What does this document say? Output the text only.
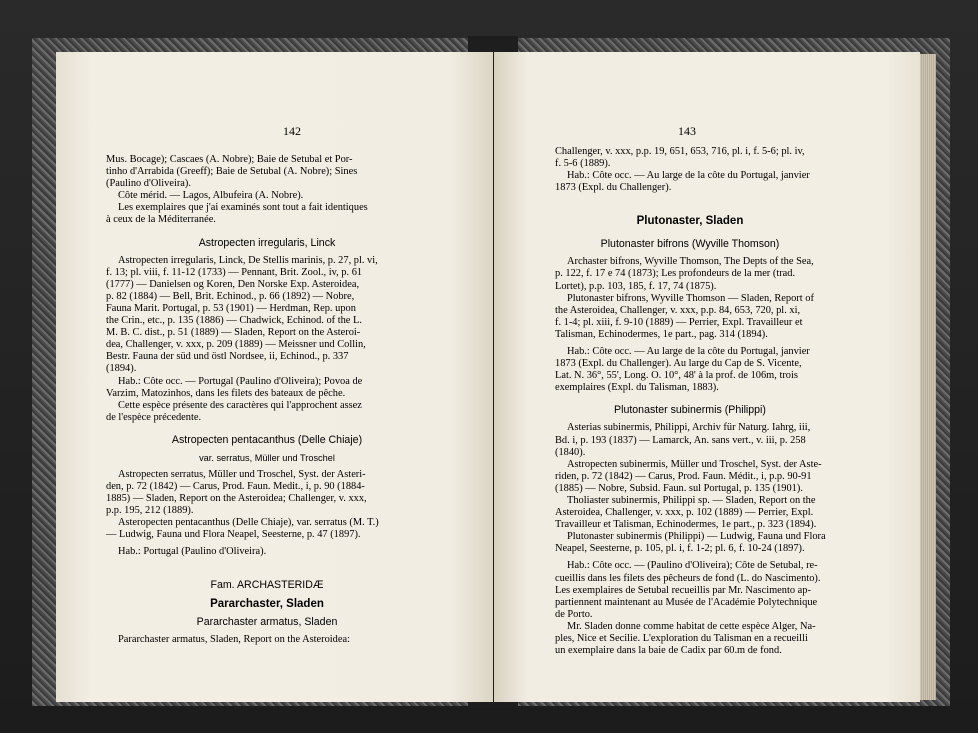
142	143
Mus. Bocage); Cascaes (A. Nobre); Baie de Setubal et Por-
tinho d'Arrabida (Greeff); Baie de Setubal (A. Nobre); Sines
(Paulino d'Oliveira).
Côte mérid. — Lagos, Albufeira (A. Nobre).
Les exemplaires que j'ai examinés sont tout a fait identiques
à ceux de la Méditerranée.
Astropecten irregularis, Linck
Astropecten irregularis, Linck, De Stellis marinis, p. 27, pl. vi,
f. 13; pl. viii, f. 11-12 (1733) — Pennant, Brit. Zool., iv, p. 61
(1777) — Danielsen og Koren, Den Norske Exp. Asteroidea,
p. 82 (1884) — Bell, Brit. Echinod., p. 66 (1892) — Nobre,
Fauna Marit. Portugal, p. 53 (1901) — Herdman, Rep. upon
the Crin., etc., p. 135 (1886) — Chadwick, Echinod. of the L.
M. B. C. dist., p. 51 (1889) — Sladen, Report on the Asteroi-
dea, Challenger, v. xxx, p. 209 (1889) — Meissner und Collin,
Bestr. Fauna der süd und östl Nordsee, ii, Echinod., p. 337
(1894).
Hab.: Côte occ. — Portugal (Paulino d'Oliveira); Povoa de
Varzim, Matozinhos, dans les filets des bateaux de pêche.
Cette espèce présente des caractères qui l'approchent assez
de l'espèce précedente.
Astropecten pentacanthus (Delle Chiaje)
var. serratus, Müller und Troschel
Astropecten serratus, Müller und Troschel, Syst. der Asteri-
den, p. 72 (1842) — Carus, Prod. Faun. Medit., i, p. 90 (1884-
1885) — Sladen, Report on the Asteroidea; Challenger, v. xxx,
p.p. 195, 212 (1889).
Asteropecten pentacanthus (Delle Chiaje), var. serratus (M. T.)
— Ludwig, Fauna und Flora Neapel, Seesterne, p. 47 (1897).
Hab.: Portugal (Paulino d'Oliveira).
Fam. ARCHASTERIDÆ
Pararchaster, Sladen
Pararchaster armatus, Sladen
Pararchaster armatus, Sladen, Report on the Asteroidea:
Challenger, v. xxx, p.p. 19, 651, 653, 716, pl. i, f. 5-6; pl. iv,
f. 5-6 (1889).
Hab.: Côte occ. — Au large de la côte du Portugal, janvier
1873 (Expl. du Challenger).
Plutonaster, Sladen
Plutonaster bifrons (Wyville Thomson)
Archaster bifrons, Wyville Thomson, The Depts of the Sea,
p. 122, f. 17 e 74 (1873); Les profondeurs de la mer (trad.
Lortet), p.p. 103, 185, f. 17, 74 (1875).
Plutonaster bifrons, Wyville Thomson — Sladen, Report of
the Asteroidea, Challenger, v. xxx, p.p. 84, 653, 720, pl. xi,
f. 1-4; pl. xiii, f. 9-10 (1889) — Perrier, Expl. Travailleur et
Talisman, Echinodermes, 1e part., pag. 314 (1894).
Hab.: Côte occ. — Au large de la côte du Portugal, janvier
1873 (Expl. du Challenger). Au large du Cap de S. Vicente,
Lat. N. 36°, 55', Long. O. 10°, 48' à la prof. de 106m, trois
exemplaires (Expl. du Talisman, 1883).
Plutonaster subinermis (Philippi)
Asterias subinermis, Philippi, Archiv für Naturg. Iahrg, iii,
Bd. i, p. 193 (1837) — Lamarck, An. sans vert., v. iii, p. 258
(1840).
Astropecten subinermis, Müller und Troschel, Syst. der Aste-
riden, p. 72 (1842) — Carus, Prod. Faun. Médit., i, p.p. 90-91
(1885) — Nobre, Subsid. Faun. sul Portugal, p. 135 (1901).
Tholiaster subinermis, Philippi sp. — Sladen, Report on the
Asteroidea, Challenger, v. xxx, p. 102 (1889) — Perrier, Expl.
Travailleur et Talisman, Echinodermes, 1e part., p. 323 (1894).
Plutonaster subinermis (Philippi) — Ludwig, Fauna und Flora
Neapel, Seesterne, p. 105, pl. i, f. 1-2; pl. 6, f. 10-24 (1897).
Hab.: Côte occ. — (Paulino d'Oliveira); Côte de Setubal, re-
cueillis dans les filets des pêcheurs de fond (L. do Nascimento).
Les exemplaires de Setubal recueillis par Mr. Nascimento ap-
partiennent maintenant au Musée de l'Académie Polytechnique
de Porto.
Mr. Sladen donne comme habitat de cette espèce Alger, Na-
ples, Nice et Secilie. L'exploration du Talisman en a recueilli
un exemplaire dans la baie de Cadix par 60.m de fond.
